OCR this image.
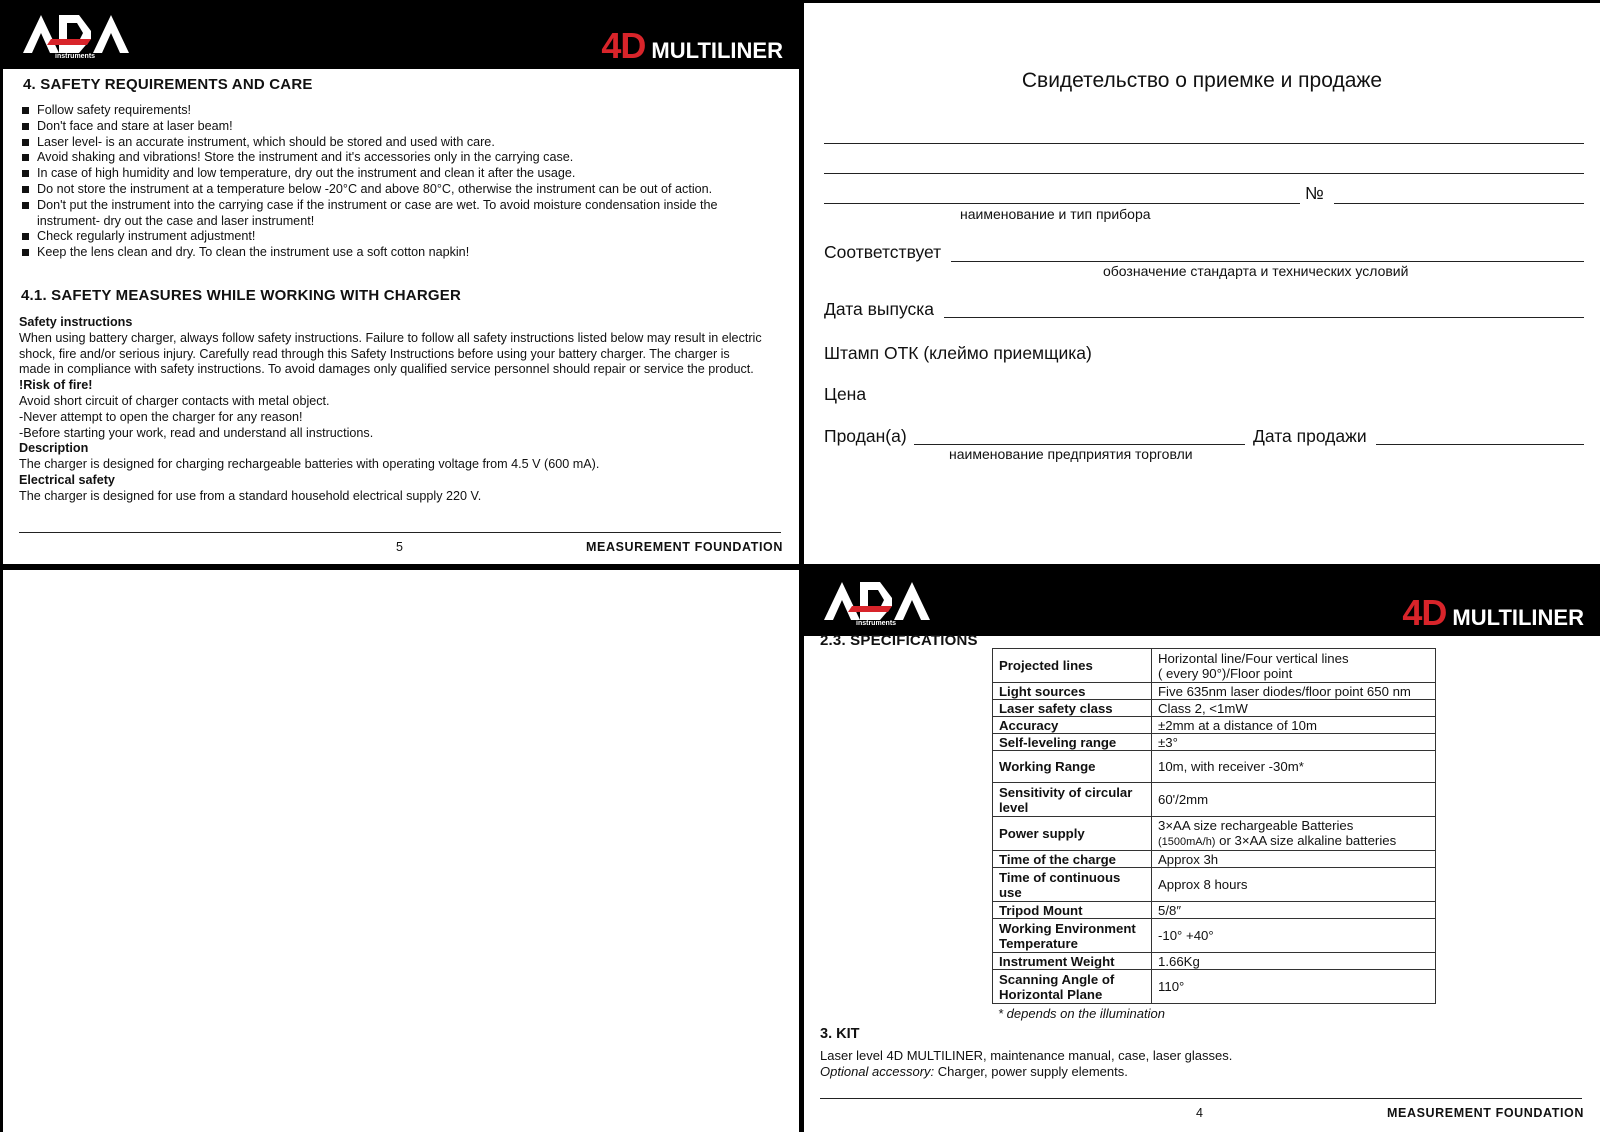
instruments	4D MULTILINER
4. SAFETY REQUIREMENTS AND CARE
Follow safety requirements!
Don't face and stare at laser beam!
Laser level- is an accurate instrument, which should be stored and used with care.
Avoid shaking and vibrations! Store the instrument and it's accessories only in the carrying case.
In case of high humidity and low temperature, dry out the instrument and clean it after the usage.
Do not store the instrument at a temperature below -20°C and above 80°C, otherwise the instrument can be out of action.
Don't put the instrument into the carrying case if the instrument or case are wet. To avoid moisture condensation inside the instrument- dry out the case and laser instrument!
Check regularly instrument adjustment!
Keep the lens clean and dry. To clean the instrument use a soft cotton napkin!
4.1. SAFETY MEASURES WHILE WORKING WITH CHARGER
Safety instructions
When using battery charger, always follow safety instructions. Failure to follow all safety instructions listed below may result in electric shock, fire and/or serious injury. Carefully read through this Safety Instructions before using your battery charger. The charger is made in compliance with safety instructions. To avoid damages only qualified service personnel should repair or service the product.
!Risk of fire!
Avoid short circuit of charger contacts with metal object.
-Never attempt to open the charger for any reason!
-Before starting your work, read and understand all instructions.
Description
The charger is designed for charging rechargeable batteries with operating voltage from 4.5 V (600 mA).
Electrical safety
The charger is designed for use from a standard household electrical supply 220 V.
5	MEASUREMENT FOUNDATION
Свидетельство о приемке и продаже
№
наименование и тип прибора
Соответствует
обозначение стандарта и технических условий
Дата выпуска
Штамп ОТК (клеймо приемщика)
Цена
Продан(а)	Дата продажи
наименование предприятия торговли
instruments	4D MULTILINER
2.3. SPECIFICATIONS
Projected lines	Horizontal line/Four vertical lines
( every 90°)/Floor point
Light sources	Five 635nm laser diodes/floor point 650 nm
Laser safety class	Class 2, <1mW
Accuracy	±2mm at a distance of 10m
Self-leveling range	±3°
Working Range	10m, with receiver -30m*
Sensitivity of circular level	60'/2mm
Power supply	3×AA size rechargeable Batteries
(1500mA/h) or 3×AA size alkaline batteries
Time of the charge	Approx 3h
Time of continuous use	Approx 8 hours
Tripod Mount	5/8″
Working Environment Temperature	-10° +40°
Instrument Weight	1.66Kg
Scanning Angle of Horizontal Plane	110°
* depends on the illumination
3. KIT
Laser level 4D MULTILINER, maintenance manual, case, laser glasses.
Optional accessory: Charger, power supply elements.
4	MEASUREMENT FOUNDATION
